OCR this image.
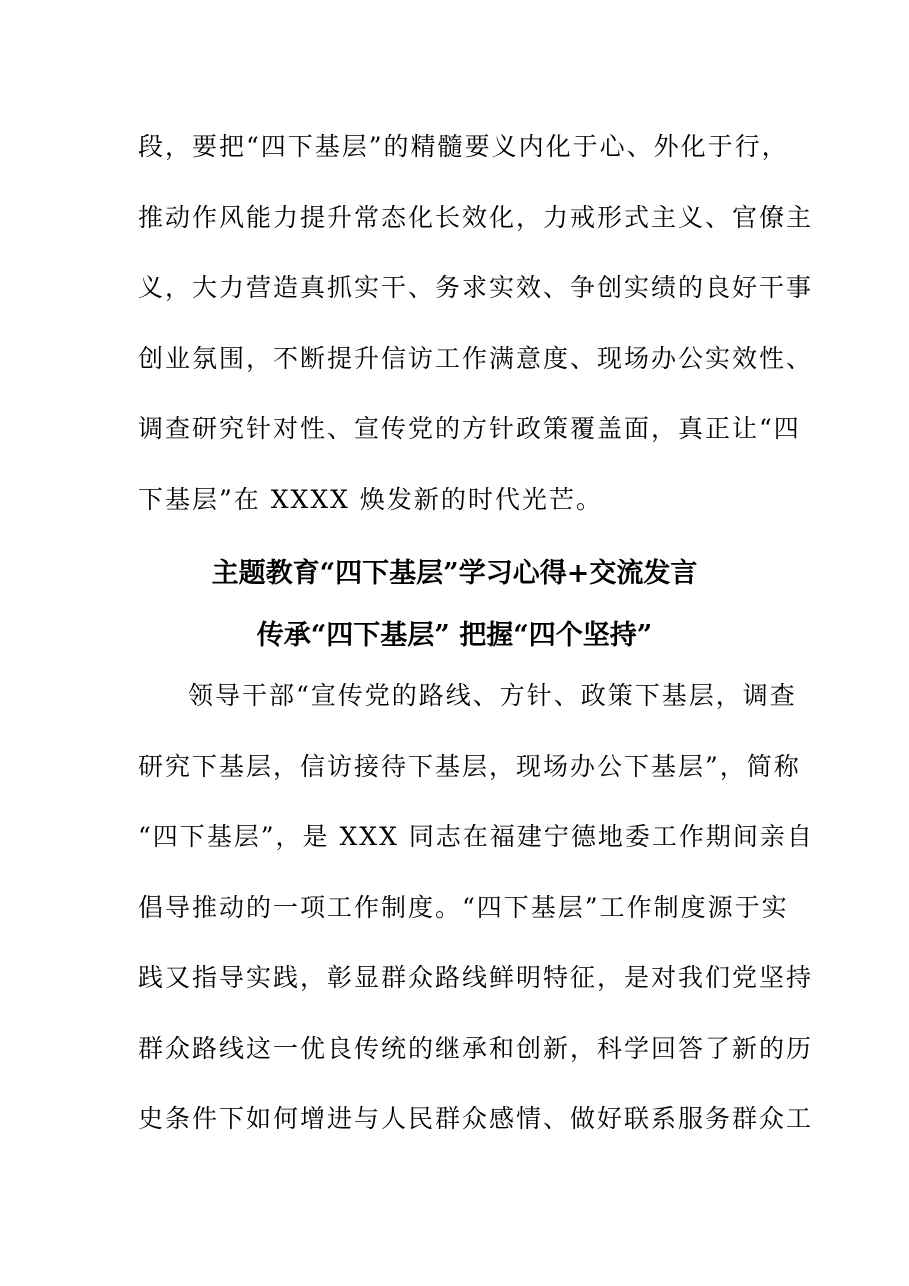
段，要把“四下基层”的精髓要义内化于心、外化于行，
推动作风能力提升常态化长效化，力戒形式主义、官僚主
义，大力营造真抓实干、务求实效、争创实绩的良好干事
创业氛围，不断提升信访工作满意度、现场办公实效性、
调查研究针对性、宣传党的方针政策覆盖面，真正让“四
下基层”在 XXXX 焕发新的时代光芒。
主题教育“四下基层”学习心得+交流发言
传承“四下基层” 把握“四个坚持”
领导干部“宣传党的路线、方针、政策下基层，调查
研究下基层，信访接待下基层，现场办公下基层”，简称
“四下基层”，是 XXX 同志在福建宁德地委工作期间亲自
倡导推动的一项工作制度。“四下基层”工作制度源于实
践又指导实践，彰显群众路线鲜明特征，是对我们党坚持
群众路线这一优良传统的继承和创新，科学回答了新的历
史条件下如何增进与人民群众感情、做好联系服务群众工
